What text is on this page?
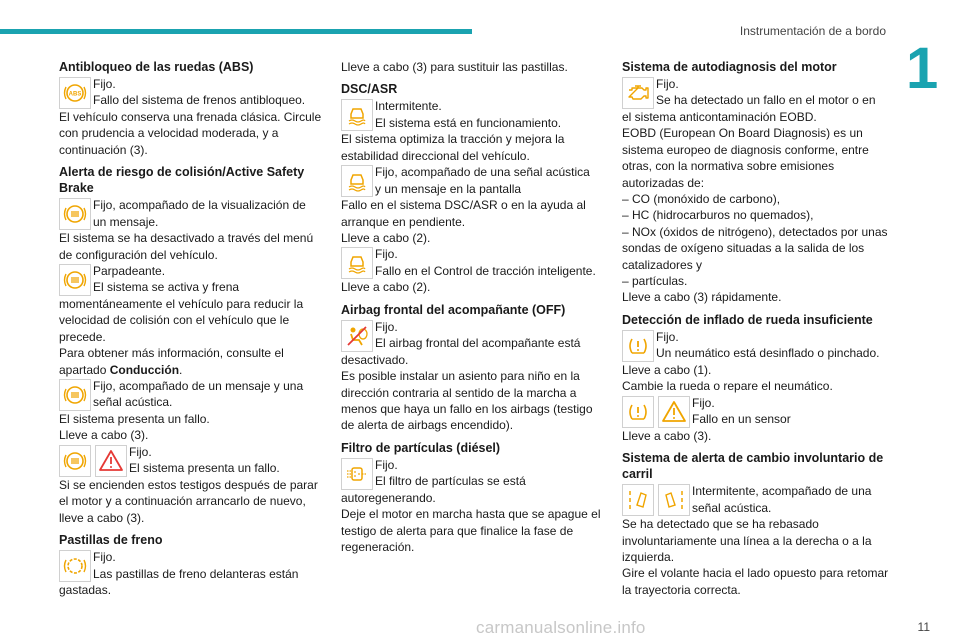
Instrumentación de a bordo
1
Antibloqueo de las ruedas (ABS)
ABS
Fijo.
Fallo del sistema de frenos antibloqueo.

El vehículo conserva una frenada clásica. Circule con prudencia a velocidad moderada, y a continuación (3).

Alerta de riesgo de colisión/Active Safety Brake
Fijo, acompañado de la visualización de
un mensaje.

El sistema se ha desactivado a través del menú de configuración del vehículo.

Parpadeante.
El sistema se activa y frena

momentáneamente el vehículo para reducir la velocidad de colisión con el vehículo que le precede.

Para obtener más información, consulte el apartado Conducción.

Fijo, acompañado de un mensaje y una
señal acústica.

El sistema presenta un fallo.

Lleve a cabo (3).

Fijo.
El sistema presenta un fallo.

Si se encienden estos testigos después de parar el motor y a continuación arrancarlo de nuevo, lleve a cabo (3).

Pastillas de freno
Fijo.
Las pastillas de freno delanteras están

gastadas.

Lleve a cabo (3) para sustituir las pastillas.

DSC/ASR
Intermitente.
El sistema está en funcionamiento.

El sistema optimiza la tracción y mejora la estabilidad direccional del vehículo.

Fijo, acompañado de una señal acústica
y un mensaje en la pantalla

Fallo en el sistema DSC/ASR o en la ayuda al arranque en pendiente.

Lleve a cabo (2).

Fijo.
Fallo en el Control de tracción inteligente.

Lleve a cabo (2).

Airbag frontal del acompañante (OFF)
Fijo.
El airbag frontal del acompañante está

desactivado.

Es posible instalar un asiento para niño en la dirección contraria al sentido de la marcha a menos que haya un fallo en los airbags (testigo de alerta de airbags encendido).

Filtro de partículas (diésel)
Fijo.
El filtro de partículas se está

autoregenerando.

Deje el motor en marcha hasta que se apague el testigo de alerta para que finalice la fase de regeneración.

Sistema de autodiagnosis del motor
Fijo.
Se ha detectado un fallo en el motor o en

el sistema anticontaminación EOBD.

EOBD (European On Board Diagnosis) es un sistema europeo de diagnosis conforme, entre otras, con la normativa sobre emisiones autorizadas de:

– CO (monóxido de carbono),

– HC (hidrocarburos no quemados),

– NOx (óxidos de nitrógeno), detectados por unas sondas de oxígeno situadas a la salida de los catalizadores y

– partículas.

Lleve a cabo (3) rápidamente.

Detección de inflado de rueda insuficiente
Fijo.
Un neumático está desinflado o pinchado.

Lleve a cabo (1).

Cambie la rueda o repare el neumático.

Fijo.
Fallo en un sensor

Lleve a cabo (3).

Sistema de alerta de cambio involuntario de carril
Intermitente, acompañado de una
señal acústica.

Se ha detectado que se ha rebasado involuntariamente una línea a la derecha o a la izquierda.

Gire el volante hacia el lado opuesto para retomar la trayectoria correcta.

carmanualsonline.info	11
